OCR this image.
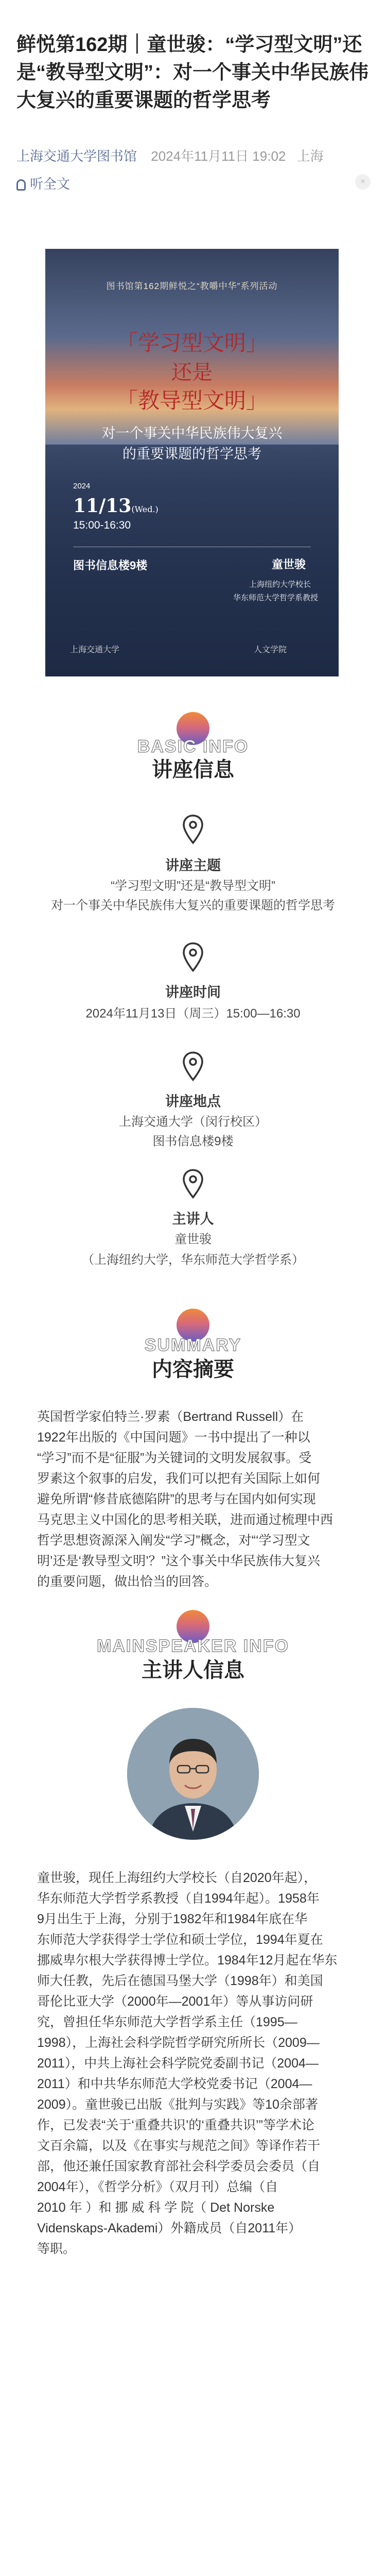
鲜悦第162期｜童世骏：“学习型文明”还是“教导型文明”：对一个事关中华民族伟大复兴的重要课题的哲学思考
上海交通大学图书馆 2024年11月11日 19:02 上海
听全文	×
图书馆第162期鲜悦之“教嚼中华”系列活动
「学习型文明」
还是
「教导型文明」
对一个事关中华民族伟大复兴
的重要课题的哲学思考
2024
11/13(Wed.)
15:00-16:30
图书信息楼9楼	童世骏
上海纽约大学校长
华东师范大学哲学系教授
上海交通大学	人文学院
BASIC INFO
讲座信息
讲座主题
“学习型文明”还是“教导型文明”
对一个事关中华民族伟大复兴的重要课题的哲学思考
讲座时间
2024年11月13日（周三）15:00—16:30
讲座地点
上海交通大学（闵行校区）
图书信息楼9楼
主讲人
童世骏
（上海纽约大学，华东师范大学哲学系）
SUMMARY
内容摘要
英国哲学家伯特兰·罗素（Bertrand Russell）在
1922年出版的《中国问题》一书中提出了一种以
“学习”而不是“征服”为关键词的文明发展叙事。受
罗素这个叙事的启发，我们可以把有关国际上如何
避免所谓“修昔底德陷阱”的思考与在国内如何实现
马克思主义中国化的思考相关联，进而通过梳理中西
哲学思想资源深入阐发“学习”概念，对“‘学习型文
明’还是‘教导型文明’？”这个事关中华民族伟大复兴
的重要问题，做出恰当的回答。
MAINSPEAKER INFO
主讲人信息
童世骏，现任上海纽约大学校长（自2020年起），
华东师范大学哲学系教授（自1994年起）。1958年
9月出生于上海，分别于1982年和1984年底在华
东师范大学获得学士学位和硕士学位，1994年夏在
挪威卑尔根大学获得博士学位。1984年12月起在华东
师大任教，先后在德国马堡大学（1998年）和美国
哥伦比亚大学（2000年—2001年）等从事访问研
究，曾担任华东师范大学哲学系主任（1995—
1998），上海社会科学院哲学研究所所长（2009—
2011），中共上海社会科学院党委副书记（2004—
2011）和中共华东师范大学校党委书记（2004—
2009）。童世骏已出版《批判与实践》等10余部著
作，已发表“关于‘重叠共识’的‘重叠共识’”等学术论
文百余篇，以及《在事实与规范之间》等译作若干
部，他还兼任国家教育部社会科学委员会委员（自
2004年），《哲学分析》（双月刊）总编（自
2010 年 ）和 挪 威 科 学 院（ Det Norske
Videnskaps-Akademi）外籍成员（自2011年）
等职。
